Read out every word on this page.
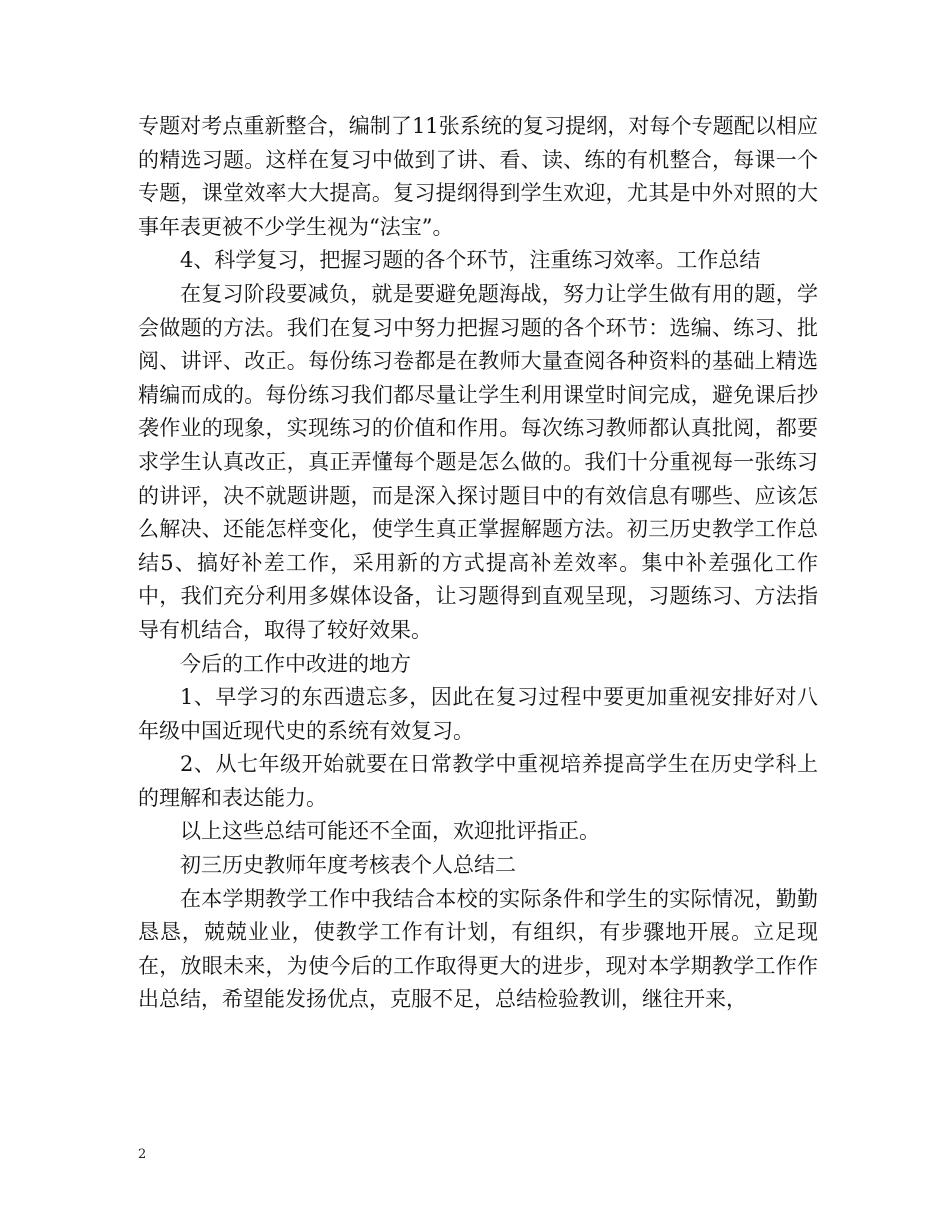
专题对考点重新整合，编制了11张系统的复习提纲，对每个专题配以相应的精选习题。这样在复习中做到了讲、看、读、练的有机整合，每课一个专题，课堂效率大大提高。复习提纲得到学生欢迎，尤其是中外对照的大事年表更被不少学生视为“法宝”。

4、科学复习，把握习题的各个环节，注重练习效率。工作总结

在复习阶段要减负，就是要避免题海战，努力让学生做有用的题，学会做题的方法。我们在复习中努力把握习题的各个环节：选编、练习、批阅、讲评、改正。每份练习卷都是在教师大量查阅各种资料的基础上精选精编而成的。每份练习我们都尽量让学生利用课堂时间完成，避免课后抄袭作业的现象，实现练习的价值和作用。每次练习教师都认真批阅，都要求学生认真改正，真正弄懂每个题是怎么做的。我们十分重视每一张练习的讲评，决不就题讲题，而是深入探讨题目中的有效信息有哪些、应该怎么解决、还能怎样变化，使学生真正掌握解题方法。初三历史教学工作总结5、搞好补差工作，采用新的方式提高补差效率。集中补差强化工作中，我们充分利用多媒体设备，让习题得到直观呈现，习题练习、方法指导有机结合，取得了较好效果。

今后的工作中改进的地方

1、早学习的东西遗忘多，因此在复习过程中要更加重视安排好对八年级中国近现代史的系统有效复习。

2、从七年级开始就要在日常教学中重视培养提高学生在历史学科上的理解和表达能力。

以上这些总结可能还不全面，欢迎批评指正。

初三历史教师年度考核表个人总结二

在本学期教学工作中我结合本校的实际条件和学生的实际情况，勤勤恳恳，兢兢业业，使教学工作有计划，有组织，有步骤地开展。立足现在，放眼未来，为使今后的工作取得更大的进步，现对本学期教学工作作出总结，希望能发扬优点，克服不足，总结检验教训，继往开来，

2
